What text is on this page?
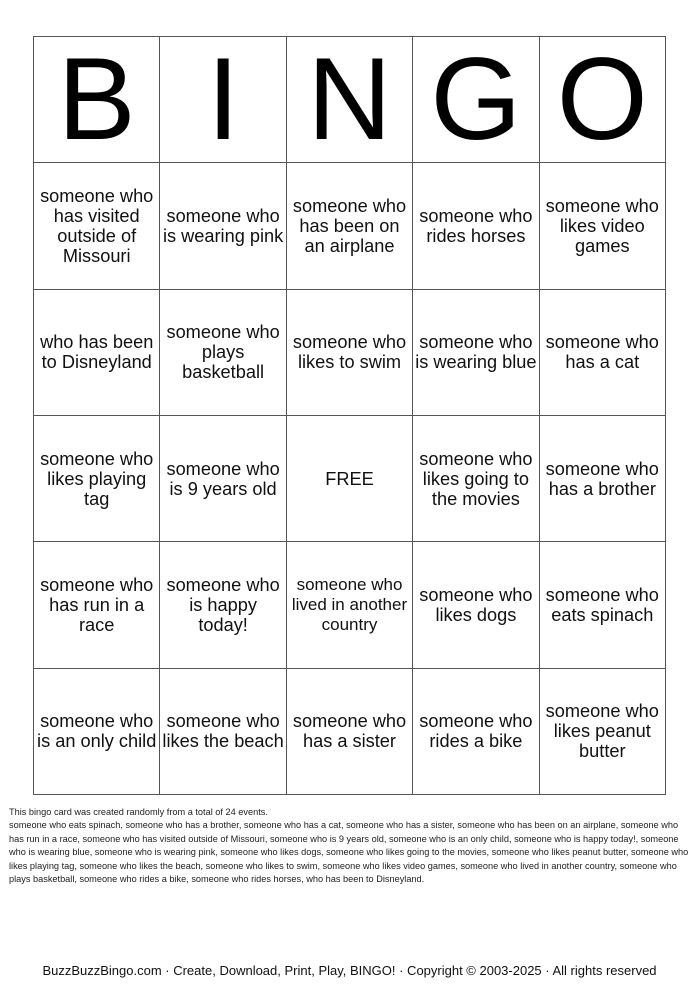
B I N G O
someone who has visited outside of Missouri
someone who is wearing pink
someone who has been on an airplane
someone who rides horses
someone who likes video games
who has been to Disneyland
someone who plays basketball
someone who likes to swim
someone who is wearing blue
someone who has a cat
someone who likes playing tag
someone who is 9 years old	FREE
someone who likes going to the movies
someone who has a brother
someone who has run in a race
someone who is happy today!
someone who lived in another country
someone who likes dogs
someone who eats spinach
someone who is an only child
someone who likes the beach
someone who has a sister
someone who rides a bike
someone who likes peanut butter

This bingo card was created randomly from a total of 24 events.

someone who eats spinach, someone who has a brother, someone who has a cat, someone who has a sister, someone who has been on an airplane, someone who has run in a race, someone who has visited outside of Missouri, someone who is 9 years old, someone who is an only child, someone who is happy today!, someone who is wearing blue, someone who is wearing pink, someone who likes dogs, someone who likes going to the movies, someone who likes peanut butter, someone who likes playing tag, someone who likes the beach, someone who likes to swim, someone who likes video games, someone who lived in another country, someone who plays basketball, someone who rides a bike, someone who rides horses, who has been to Disneyland.

BuzzBuzzBingo.com · Create, Download, Print, Play, BINGO! · Copyright © 2003-2025 · All rights reserved
